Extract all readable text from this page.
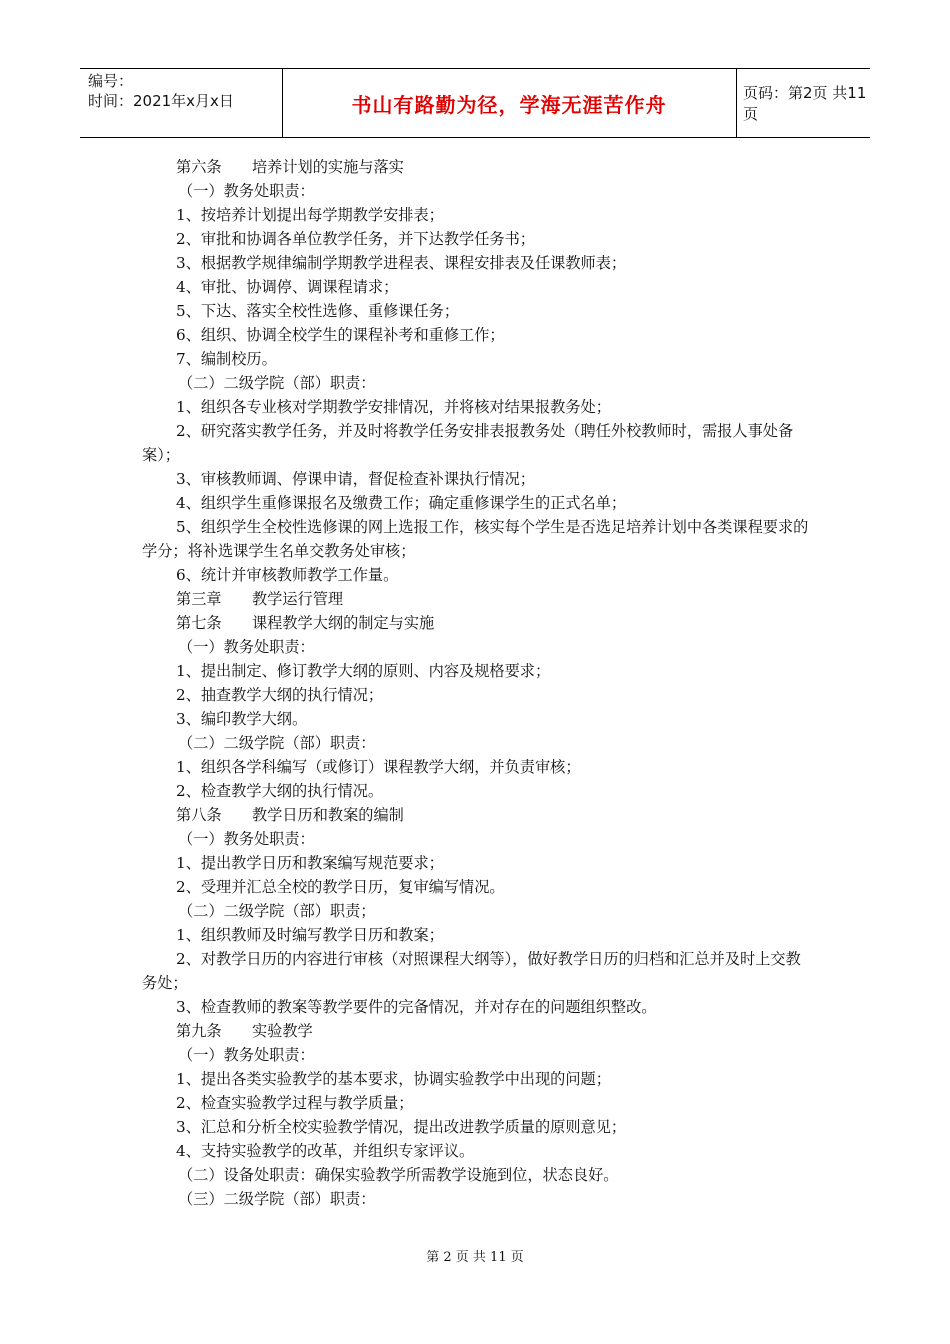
编号：
时间：2021年x月x日	书山有路勤为径，学海无涯苦作舟	页码：第2页 共11页
第六条　　培养计划的实施与落实
（一）教务处职责：
1、按培养计划提出每学期教学安排表；
2、审批和协调各单位教学任务，并下达教学任务书；
3、根据教学规律编制学期教学进程表、课程安排表及任课教师表；
4、审批、协调停、调课程请求；
5、下达、落实全校性选修、重修课任务；
6、组织、协调全校学生的课程补考和重修工作；
7、编制校历。
（二）二级学院（部）职责：
1、组织各专业核对学期教学安排情况，并将核对结果报教务处；
2、研究落实教学任务，并及时将教学任务安排表报教务处（聘任外校教师时，需报人事处备案）；
3、审核教师调、停课申请，督促检查补课执行情况；
4、组织学生重修课报名及缴费工作；确定重修课学生的正式名单；
5、组织学生全校性选修课的网上选报工作，核实每个学生是否选足培养计划中各类课程要求的学分；将补选课学生名单交教务处审核；
6、统计并审核教师教学工作量。
第三章　　教学运行管理
第七条　　课程教学大纲的制定与实施
（一）教务处职责：
1、提出制定、修订教学大纲的原则、内容及规格要求；
2、抽查教学大纲的执行情况；
3、编印教学大纲。
（二）二级学院（部）职责：
1、组织各学科编写（或修订）课程教学大纲，并负责审核；
2、检查教学大纲的执行情况。
第八条　　教学日历和教案的编制
（一）教务处职责：
1、提出教学日历和教案编写规范要求；
2、受理并汇总全校的教学日历，复审编写情况。
（二）二级学院（部）职责；
1、组织教师及时编写教学日历和教案；
2、对教学日历的内容进行审核（对照课程大纲等），做好教学日历的归档和汇总并及时上交教务处；
3、检查教师的教案等教学要件的完备情况，并对存在的问题组织整改。
第九条　　实验教学
（一）教务处职责：
1、提出各类实验教学的基本要求，协调实验教学中出现的问题；
2、检查实验教学过程与教学质量；
3、汇总和分析全校实验教学情况，提出改进教学质量的原则意见；
4、支持实验教学的改革，并组织专家评议。
（二）设备处职责：确保实验教学所需教学设施到位，状态良好。
（三）二级学院（部）职责：
第 2 页 共 11 页
